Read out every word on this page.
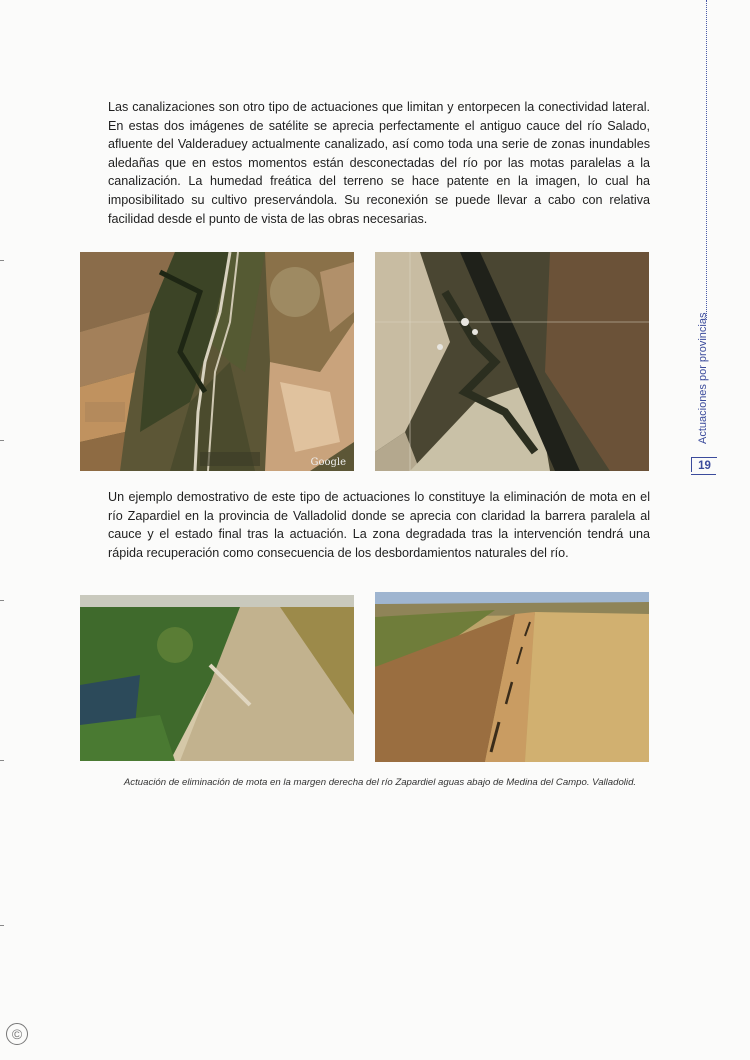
Las canalizaciones son otro tipo de actuaciones que limitan y entorpecen la conectividad lateral. En estas dos imágenes de satélite se aprecia perfectamente el antiguo cauce del río Salado, afluente del Valderaduey actualmente canalizado, así como toda una serie de zonas inundables aledañas que en estos momentos están desconectadas del río por las motas paralelas a la canalización. La humedad freática del terreno se hace patente en la imagen, lo cual ha imposibilitado su cultivo preservándola. Su reconexión se puede llevar a cabo con relativa facilidad desde el punto de vista de las obras necesarias.

Google

Un ejemplo demostrativo de este tipo de actuaciones lo constituye la eliminación de mota en el río Zapardiel en la provincia de Valladolid donde se aprecia con claridad la barrera paralela al cauce y el estado final tras la actuación. La zona degradada tras la intervención tendrá una rápida recuperación como consecuencia de los desbordamientos naturales del río.

Actuación de eliminación de mota en la margen derecha del río Zapardiel aguas abajo de Medina del Campo. Valladolid.
Actuaciones por provincias
19
©
